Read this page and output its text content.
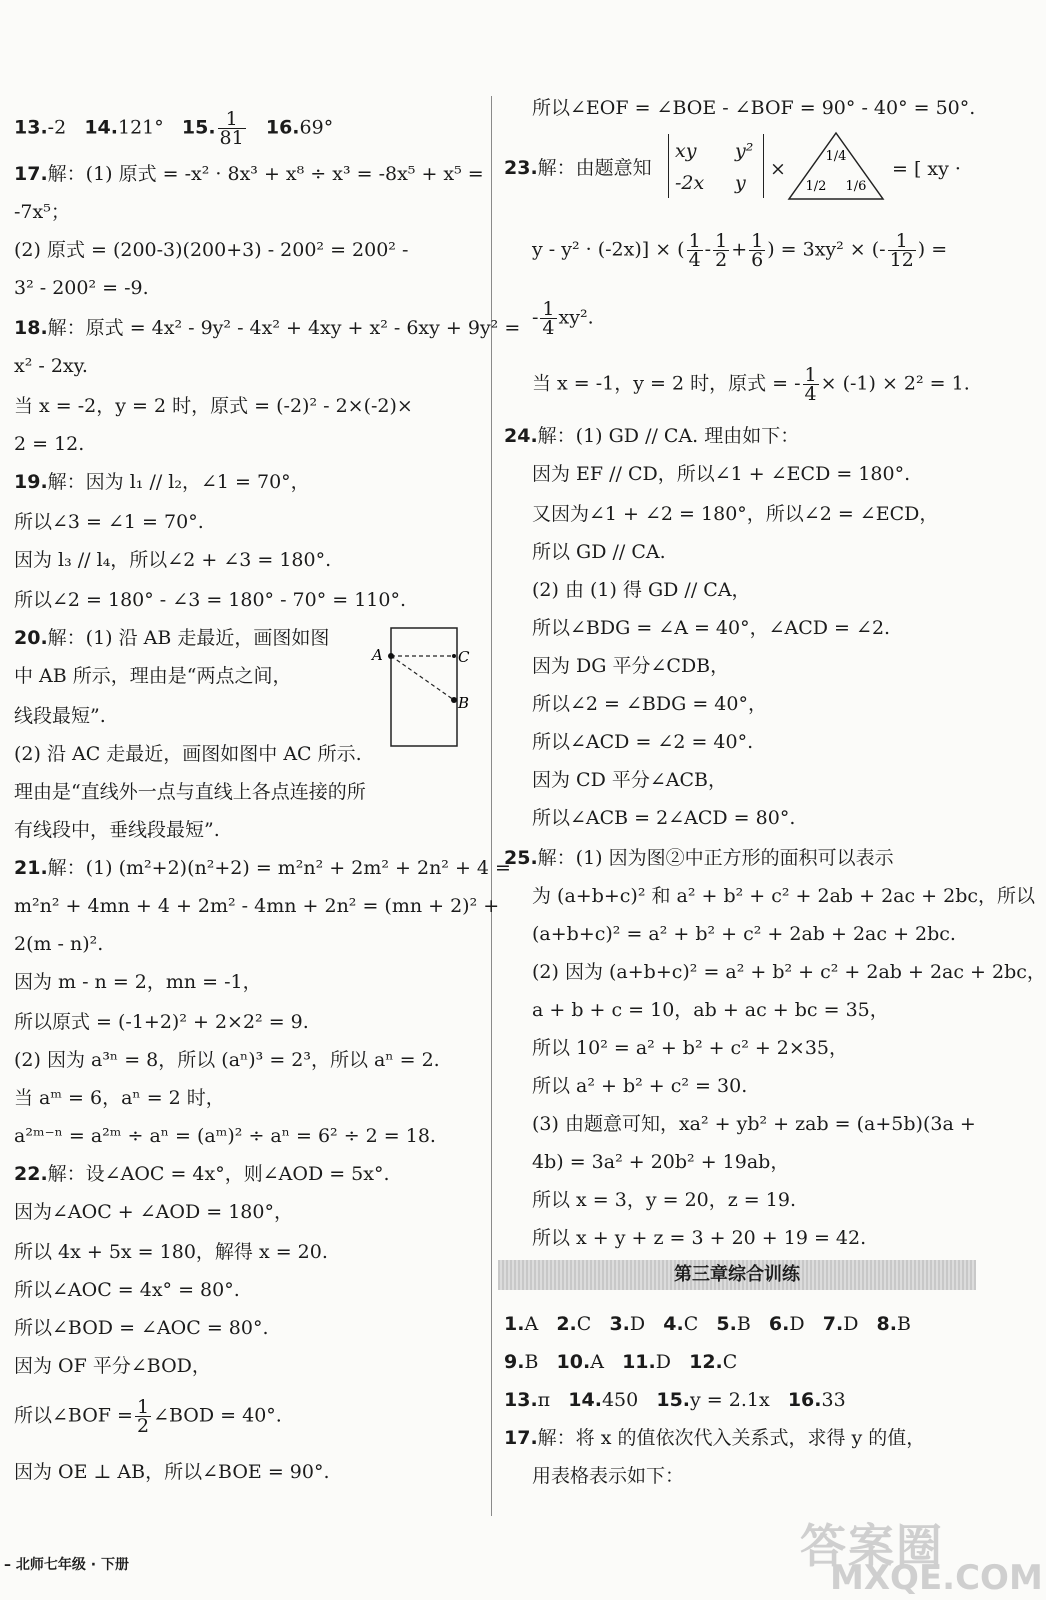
13.-2 14.121° 15. $\frac{1}{81} 16.69^\circ$
17.解：(1) 原式 = -x² · 8x³ + x⁸ ÷ x³ = -8x⁵ + x⁵ =
-7x⁵；
(2) 原式 = (200-3)(200+3) - 200² = 200² -
3² - 200² = -9.
18.解：原式 = 4x² - 9y² - 4x² + 4xy + x² - 6xy + 9y² =
x² - 2xy.
当 x = -2，y = 2 时，原式 = (-2)² - 2×(-2)×
2 = 12.
19.解：因为 l₁ // l₂，∠1 = 70°，
所以∠3 = ∠1 = 70°.
因为 l₃ // l₄，所以∠2 + ∠3 = 180°.
所以∠2 = 180° - ∠3 = 180° - 70° = 110°.
20.解：(1) 沿 AB 走最近，画图如图
中 AB 所示，理由是“两点之间，
线段最短”.
(2) 沿 AC 走最近，画图如图中 AC 所示.
理由是“直线外一点与直线上各点连接的所
有线段中，垂线段最短”.
21.解：(1) (m²+2)(n²+2) = m²n² + 2m² + 2n² + 4 =
m²n² + 4mn + 4 + 2m² - 4mn + 2n² = (mn + 2)² +
2(m - n)².
因为 m - n = 2，mn = -1，
所以原式 = (-1+2)² + 2×2² = 9.
(2) 因为 a³ⁿ = 8，所以 (aⁿ)³ = 2³，所以 aⁿ = 2.
当 aᵐ = 6，aⁿ = 2 时，
a²ᵐ⁻ⁿ = a²ᵐ ÷ aⁿ = (aᵐ)² ÷ aⁿ = 6² ÷ 2 = 18.
22.解：设∠AOC = 4x°，则∠AOD = 5x°.
因为∠AOC + ∠AOD = 180°，
所以 4x + 5x = 180，解得 x = 20.
所以∠AOC = 4x° = 80°.
所以∠BOD = ∠AOC = 80°.
因为 OF 平分∠BOD，
所以∠BOF = $\frac{1}{2}$ ∠BOD = 40°.
因为 OE ⊥ AB，所以∠BOE = 90°.
A	C
B
所以∠EOF = ∠BOE - ∠BOF = 90° - 40° = 50°.
23.解：由题意知
xy y²
-2x y
×
1/4
1/2 1/6
= [ xy ·
y - y² · (-2x)] × ( $\frac{1}{4} - \frac{1}{2} + \frac{1}{6}$ ) = 3xy² × (- $\frac{1}{12}$ ) =
- $\frac{1}{4} xy^2$.
当 x = -1，y = 2 时，原式 = - $\frac{1}{4} \times (-1) \times 2^2 = 1$.
24.解：(1) GD // CA. 理由如下：
因为 EF // CD，所以∠1 + ∠ECD = 180°.
又因为∠1 + ∠2 = 180°，所以∠2 = ∠ECD，
所以 GD // CA.
(2) 由 (1) 得 GD // CA，
所以∠BDG = ∠A = 40°，∠ACD = ∠2.
因为 DG 平分∠CDB，
所以∠2 = ∠BDG = 40°，
所以∠ACD = ∠2 = 40°.
因为 CD 平分∠ACB，
所以∠ACB = 2∠ACD = 80°.
25.解：(1) 因为图②中正方形的面积可以表示
为 (a+b+c)² 和 a² + b² + c² + 2ab + 2ac + 2bc，所以
(a+b+c)² = a² + b² + c² + 2ab + 2ac + 2bc.
(2) 因为 (a+b+c)² = a² + b² + c² + 2ab + 2ac + 2bc，
a + b + c = 10，ab + ac + bc = 35，
所以 10² = a² + b² + c² + 2×35，
所以 a² + b² + c² = 30.
(3) 由题意可知，xa² + yb² + zab = (a+5b)(3a +
4b) = 3a² + 20b² + 19ab，
所以 x = 3，y = 20，z = 19.
所以 x + y + z = 3 + 20 + 19 = 42.
1.A 2.C 3.D 4.C 5.B 6.D 7.D 8.B
9.B 10.A 11.D 12.C
13.π 14.450 15.y = 2.1x 16.33
17.解：将 x 的值依次代入关系式，求得 y 的值，
用表格表示如下：
第三章综合训练
– 北师七年级 · 下册	答案圈
MXQE.COM
